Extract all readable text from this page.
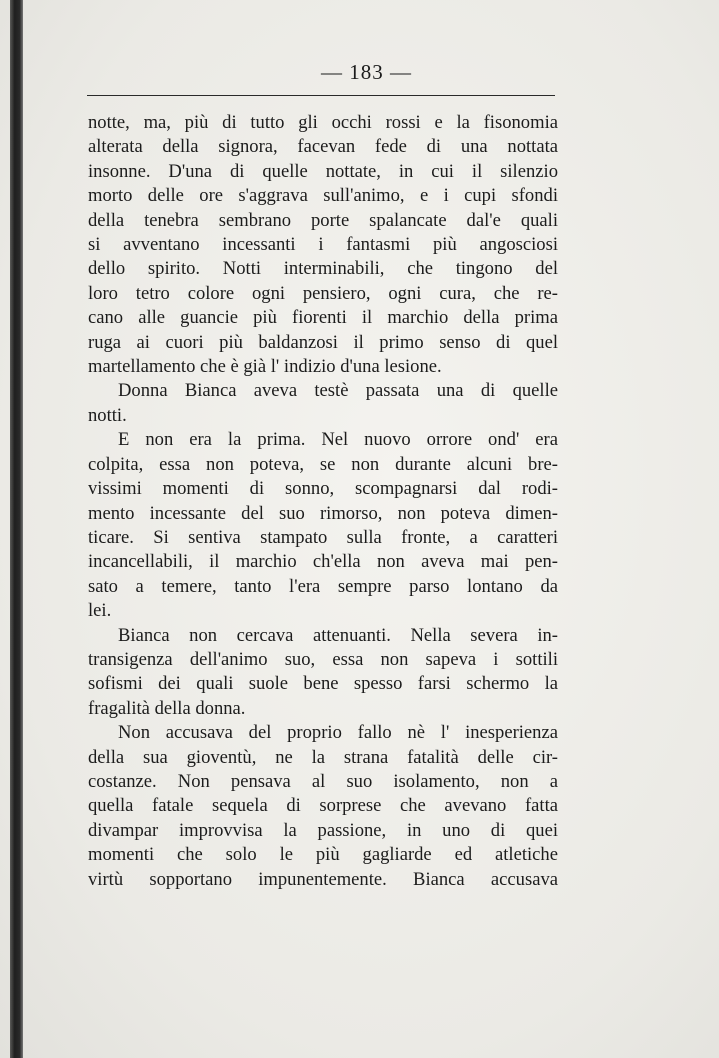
— 183 —
notte, ma, più di tutto gli occhi rossi e la fisonomia
alterata della signora, facevan fede di una nottata
insonne. D'una di quelle nottate, in cui il silenzio
morto delle ore s'aggrava sull'animo, e i cupi sfondi
della tenebra sembrano porte spalancate dal'e quali
si avventano incessanti i fantasmi più angosciosi
dello spirito. Notti interminabili, che tingono del
loro tetro colore ogni pensiero, ogni cura, che re-
cano alle guancie più fiorenti il marchio della prima
ruga ai cuori più baldanzosi il primo senso di quel
martellamento che è già l' indizio d'una lesione.
Donna Bianca aveva testè passata una di quelle
notti.
E non era la prima. Nel nuovo orrore ond' era
colpita, essa non poteva, se non durante alcuni bre-
vissimi momenti di sonno, scompagnarsi dal rodi-
mento incessante del suo rimorso, non poteva dimen-
ticare. Si sentiva stampato sulla fronte, a caratteri
incancellabili, il marchio ch'ella non aveva mai pen-
sato a temere, tanto l'era sempre parso lontano da
lei.
Bianca non cercava attenuanti. Nella severa in-
transigenza dell'animo suo, essa non sapeva i sottili
sofismi dei quali suole bene spesso farsi schermo la
fragalità della donna.
Non accusava del proprio fallo nè l' inesperienza
della sua gioventù, ne la strana fatalità delle cir-
costanze. Non pensava al suo isolamento, non a
quella fatale sequela di sorprese che avevano fatta
divampar improvvisa la passione, in uno di quei
momenti che solo le più gagliarde ed atletiche
virtù sopportano impunentemente. Bianca accusava
